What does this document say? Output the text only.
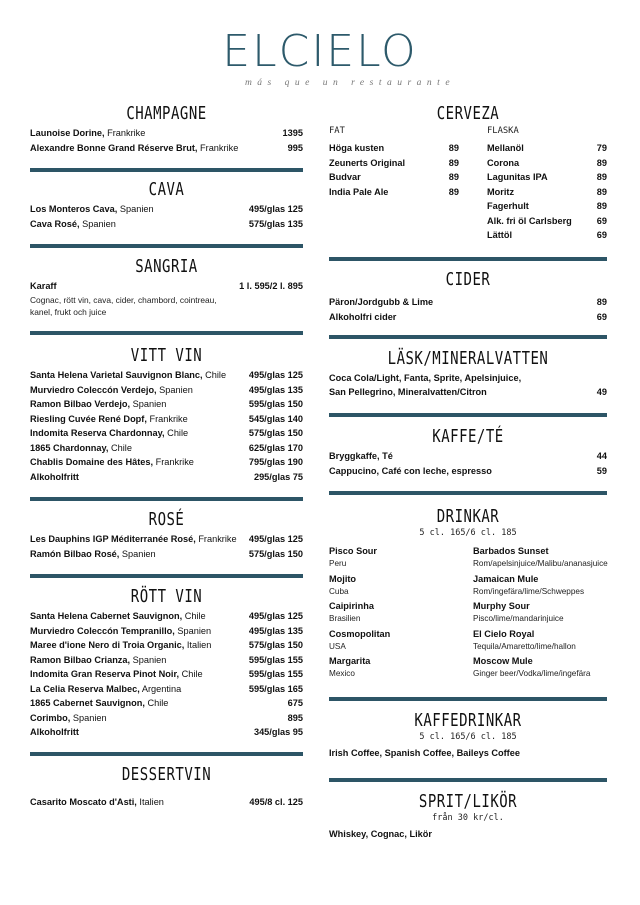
ELCIELO
más que un restaurante
CHAMPAGNE
Launoise Dorine, Frankrike	1395
Alexandre Bonne Grand Réserve Brut, Frankrike	995
CAVA
Los Monteros Cava, Spanien	495/glas 125
Cava Rosé, Spanien	575/glas 135
SANGRIA
Karaff	1 l. 595/2 l. 895
Cognac, rött vin, cava, cider, chambord, cointreau,
kanel, frukt och juice
VITT VIN
Santa Helena Varietal Sauvignon Blanc, Chile 495/glas 125
Murviedro Coleccón Verdejo, Spanien	495/glas 135
Ramon Bilbao Verdejo, Spanien	595/glas 150
Riesling Cuvée René Dopf, Frankrike	545/glas 140
Indomita Reserva Chardonnay, Chile	575/glas 150
1865 Chardonnay, Chile	625/glas 170
Chablis Domaine des Hâtes, Frankrike	795/glas 190
Alkoholfritt	295/glas 75
ROSÉ
Les Dauphins IGP Méditerranée Rosé, Frankrike 495/glas 125
Ramón Bilbao Rosé, Spanien	575/glas 150
RÖTT VIN
Santa Helena Cabernet Sauvignon, Chile	495/glas 125
Murviedro Coleccón Tempranillo, Spanien	495/glas 135
Maree d'ione Nero di Troia Organic, Italien	575/glas 150
Ramon Bilbao Crianza, Spanien	595/glas 155
Indomita Gran Reserva Pinot Noir, Chile	595/glas 155
La Celia Reserva Malbec, Argentina	595/glas 165
1865 Cabernet Sauvignon, Chile	675
Corimbo, Spanien	895
Alkoholfritt	345/glas 95
DESSERTVIN
Casarito Moscato d'Asti, Italien	495/8 cl. 125
CERVEZA
FAT	FLASKA
Höga kusten	89
Zeunerts Original	89
Budvar	89
India Pale Ale	89
Mellanöl	79
Corona	89
Lagunitas IPA	89
Moritz	89
Fagerhult	89
Alk. fri öl Carlsberg	69
Lättöl	69
CIDER
Päron/Jordgubb & Lime	89
Alkoholfri cider	69
LÄSK/MINERALVATTEN
Coca Cola/Light, Fanta, Sprite, Apelsinjuice,
San Pellegrino, Mineralvatten/Citron	49
KAFFE/TÉ
Bryggkaffe, Té	44
Cappucino, Café con leche, espresso	59
DRINKAR
5 cl. 165/6 cl. 185
Pisco Sour
Peru
Mojito
Cuba
Caipirinha
Brasilien
Cosmopolitan
USA
Margarita
Mexico
Barbados Sunset
Rom/apelsinjuice/Malibu/ananasjuice
Jamaican Mule
Rom/ingefära/lime/Schweppes
Murphy Sour
Pisco/lime/mandarinjuice
El Cielo Royal
Tequila/Amaretto/lime/hallon
Moscow Mule
Ginger beer/Vodka/lime/ingefära
KAFFEDRINKAR
5 cl. 165/6 cl. 185
Irish Coffee, Spanish Coffee, Baileys Coffee
SPRIT/LIKÖR
från 30 kr/cl.
Whiskey, Cognac, Likör
